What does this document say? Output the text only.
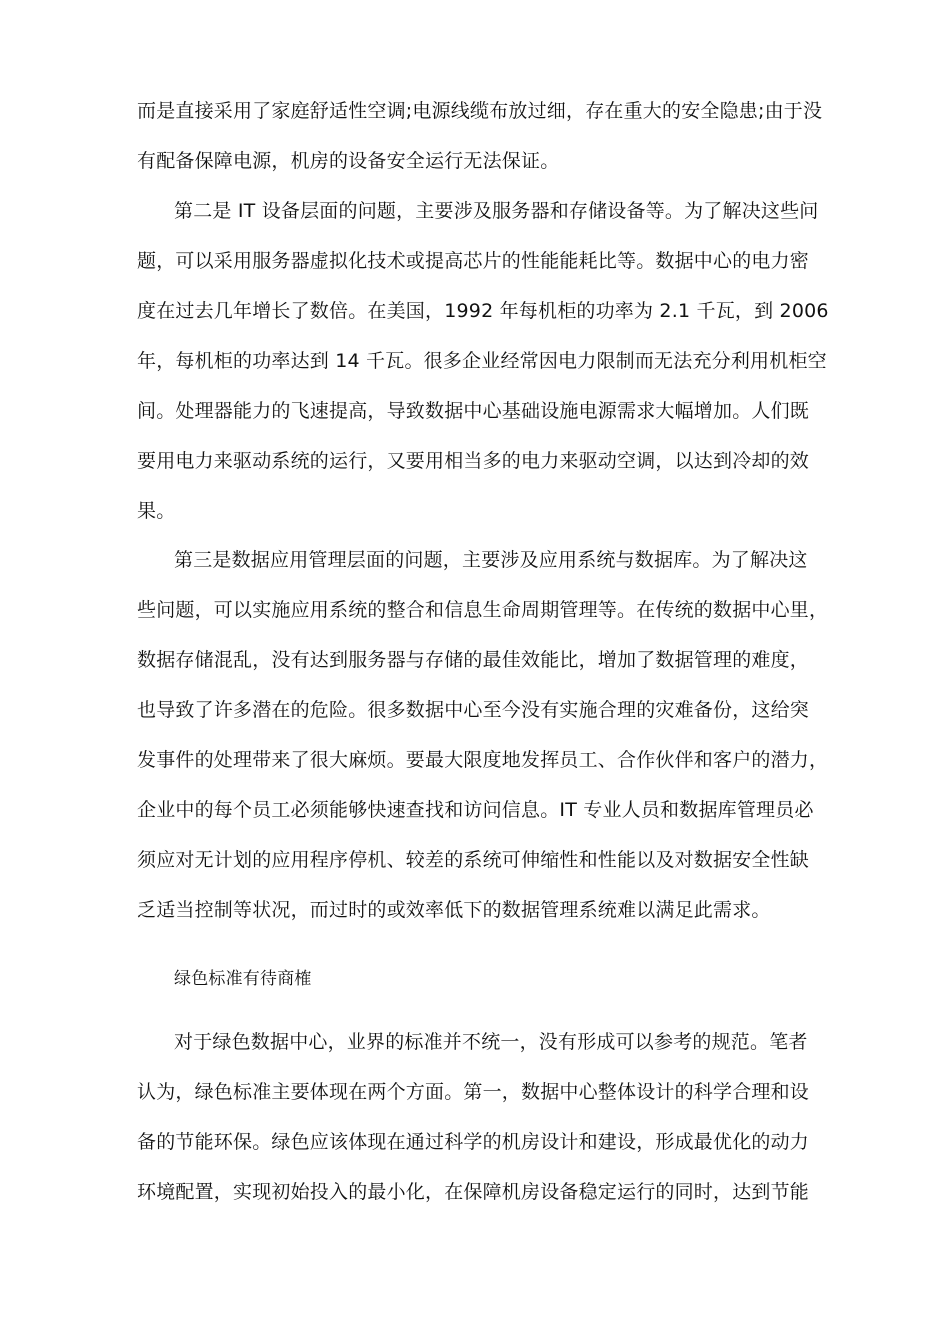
而是直接采用了家庭舒适性空调;电源线缆布放过细，存在重大的安全隐患;由于没

有配备保障电源，机房的设备安全运行无法保证。

第二是 IT 设备层面的问题，主要涉及服务器和存储设备等。为了解决这些问

题，可以采用服务器虚拟化技术或提高芯片的性能能耗比等。数据中心的电力密

度在过去几年增长了数倍。在美国，1992 年每机柜的功率为 2.1 千瓦，到 2006

年，每机柜的功率达到 14 千瓦。很多企业经常因电力限制而无法充分利用机柜空

间。处理器能力的飞速提高，导致数据中心基础设施电源需求大幅增加。人们既

要用电力来驱动系统的运行，又要用相当多的电力来驱动空调，以达到冷却的效

果。

第三是数据应用管理层面的问题，主要涉及应用系统与数据库。为了解决这

些问题，可以实施应用系统的整合和信息生命周期管理等。在传统的数据中心里，

数据存储混乱，没有达到服务器与存储的最佳效能比，增加了数据管理的难度，

也导致了许多潜在的危险。很多数据中心至今没有实施合理的灾难备份，这给突

发事件的处理带来了很大麻烦。要最大限度地发挥员工、合作伙伴和客户的潜力，

企业中的每个员工必须能够快速查找和访问信息。IT 专业人员和数据库管理员必

须应对无计划的应用程序停机、较差的系统可伸缩性和性能以及对数据安全性缺

乏适当控制等状况，而过时的或效率低下的数据管理系统难以满足此需求。

绿色标准有待商榷

对于绿色数据中心，业界的标准并不统一，没有形成可以参考的规范。笔者

认为，绿色标准主要体现在两个方面。第一，数据中心整体设计的科学合理和设

备的节能环保。绿色应该体现在通过科学的机房设计和建设，形成最优化的动力

环境配置，实现初始投入的最小化，在保障机房设备稳定运行的同时，达到节能
